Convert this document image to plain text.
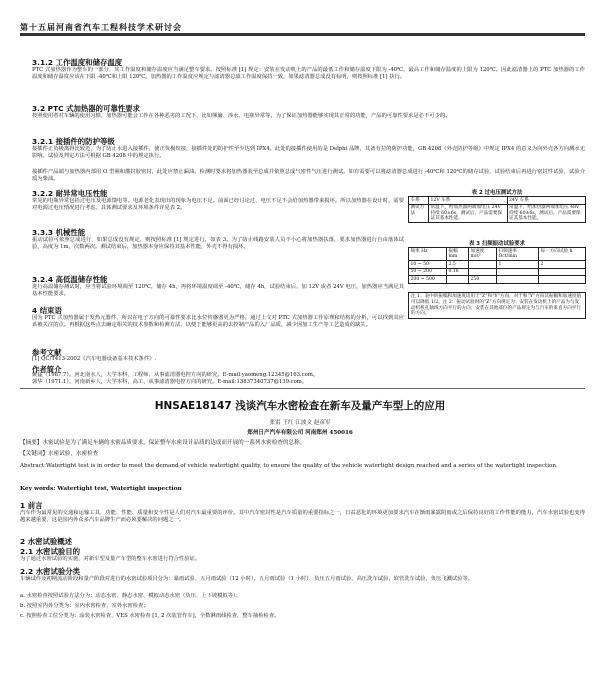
第十五届河南省汽车工程科技学术研讨会
3.1.2 工作温度和储存温度
PTC 式加热器作为整车的一部分，其工作温度和储存温度应当满足整车要求。按照标准 [1] 规定：安装在发动机上的产品的最低工作和储存温度下限为 -40℃，最高工作和储存温度的上限为 120℃。因此滤清器上的 PTC 加热器的工作温度和储存温度应该在下限 -40℃和上限 120℃。加热器的工作温度应规定与滤清器总成工作温度保持一致，如果滤清器总成没有标明，则按照标准 [1] 执行。
3.2 PTC 式加热器的可靠性要求
按照使用者对车辆的使用习惯，加热器可能会工作在各种恶劣的工况下，比如颠簸、涉水、电瓶异常等。为了保证加热器能够实现其正常的功能，产品的可靠性要求是必不可少的。
3.2.1 接插件的防护等级
接插件正负极离得比较近，为了防止水进入接插件，使正负极短接，接插件处的防护性至少达到 IPX4。此处的接插件使用的是 Delphi 品牌，其备有拉的防护功能，GB 4208《外壳防护等级》中规定 IPX4 的意义为向外壳各方向溅水无影响。试验及判定方法可根据 GB 4208 中的规定执行。
接插件产品端与加热器内部用 O 型圈和灌封胶密封，此处应禁止漏油。检测时要求将加热器装至总成并依照总成气密性气压进行测试。如有需要可以将滤清器总成进行 -40℃和 120℃的储存试验，试验结束后再进行密封性试验，试验介质为柴油。
3.2.2 耐异常电压性能
常见的电瓶异常包括过电压及电源馈电等。电源老化表现出的现象为电压不足。前面已经讨论过，电压不足不会给加热器带来损坏。所以加热器在设计时，需要对电源过电压情况进行考虑。具体测试要求及环境条件详见表 2。
3.3.3 机械性能
振动试验可依照总成进行，如果总成没有规定，则按照标准 [1] 规定进行，如表 3。为了防止线路安装人员不小心将加热器扶落，要求加热器进行自由落体试验，高度为 1m，次数两次。测试结束后，加热器本身应保持其基本性能，外壳不得有损坏。
3.2.4 高低温储存性能
进行高温储存测试时，应当将试验环境调至 120℃，储存 4h，再将环境温度调至 -40℃，储存 4h，试验结束后，加 12V 或者 24V 电压，加热器应当满足其基本性能要求。
4 结束语
因为 PTC 式加热器属于发热元器件，所以在电子方向的可靠性要求比水位传感器更为严格。通过上文对 PTC 式加热器工作原理和结构的分析，可以找到其应该被关注的点。再根据这些点去确定相关的技术参数和检测方法，以便于能够更高的去控制产品的入厂品质，减少因加工生产等工艺造成的缺失。
参考文献
[1] QC/T413-2002《汽车电器设备基本技术条件》.
作者简介
姚猛（1987.7），河北南水人，大学本科，工程师，从事滤清器电控方向的研究。E-mail:yaomeng.12345@163.com。
郭华（1971.1），河南新乡人，大学本科，高工，从事滤清器电控方向的研究。E-mail:13837340737@139.com。
表 2 过电压测试方法
车系	12V 车系	24V 车系
测试方法	常温下，给加热器两端加电压 24V 持续 60±6s，测试后，产品需要保证其基本性能。	常温下，给加热器两端加电压 48V 持续 60±6s，测试后，产品需要保证其基本性能。
表 3 扫频振动试验要求
频率 Hz	振幅 mm	加速度 m/s²	扫频速率 Oct/min	每一方向试验 h
10 ~ 50	2.5		1	2
50 ~ 200	0.16			
200 ~ 500		250		
注 1：表中的振幅和加速度适用于“Z”和“Y”方向，对于和“Y”方向其振幅和加速度值可以降低 1/2。注 2：振动试验时的“Z”方向规定为：安装在发动机上的产品为与发动机机孔轴线方向平行的方向；安装在其他部位的产品规定为与汽车的垂直方向平行的方向。
HNSAE18147 浅谈汽车水密检查在新车及量产车型上的应用
张雷 王红 江波文 赵彦军
郑州日产汽车有限公司 河南郑州 450016
【摘要】水密试验是为了满足车辆的水密品质要求，保证整车水密设计品质的达成而开展的一系列水密检查的总称。
【关键词】水密试验，水密检查
Abstract:Watertight test is in order to meet the demand of vehicle watertight quality, to ensure the quality of the vehicle watertight design reached and a series of the watertight inspection.
Key words: Watertight test, Watertight inspection
1 前言
汽车作为最常见的交通和运输工具，功能、性能、质量和安全性是人们对汽车最重要的评价。其中汽车密封性是汽车质量的重要指标之一，日益恶化的环境更加要求汽车在渐雨暴露阴雨或之后保持良好的工作性能的能力，汽车水密试验也变得越来越重要，这是国内外众多汽车品牌生产而必须要解决的问题之一。
2 水密试验概述
2.1 水密试验目的
为了通过水密试验的实施，对新车型及量产车型的整车水密进行符合性验证。
2.2 水密试验分类
车辆试作及初期流动阶段和量产阶段对进行的水密试验项目分为：暴雨试验、五月雨试验（12 小时）、五月雨试验（1 小时）、负压五月雨试验、高压洗车试验、软管洗车试验、负压飞溅试验等。
a. 水密检查按照试验方法分为：动态水密、静态水密、模拟动态水密（负压、上下坡模拟等）；
b. 按照室内外分类为：室内水密检查、室外水密检查；
c. 按照检查工位分类为：涂装水密检查、VES 水密检查 [1, 2 次装管作车]，全数淋雨线检查，整车抽检检查。
